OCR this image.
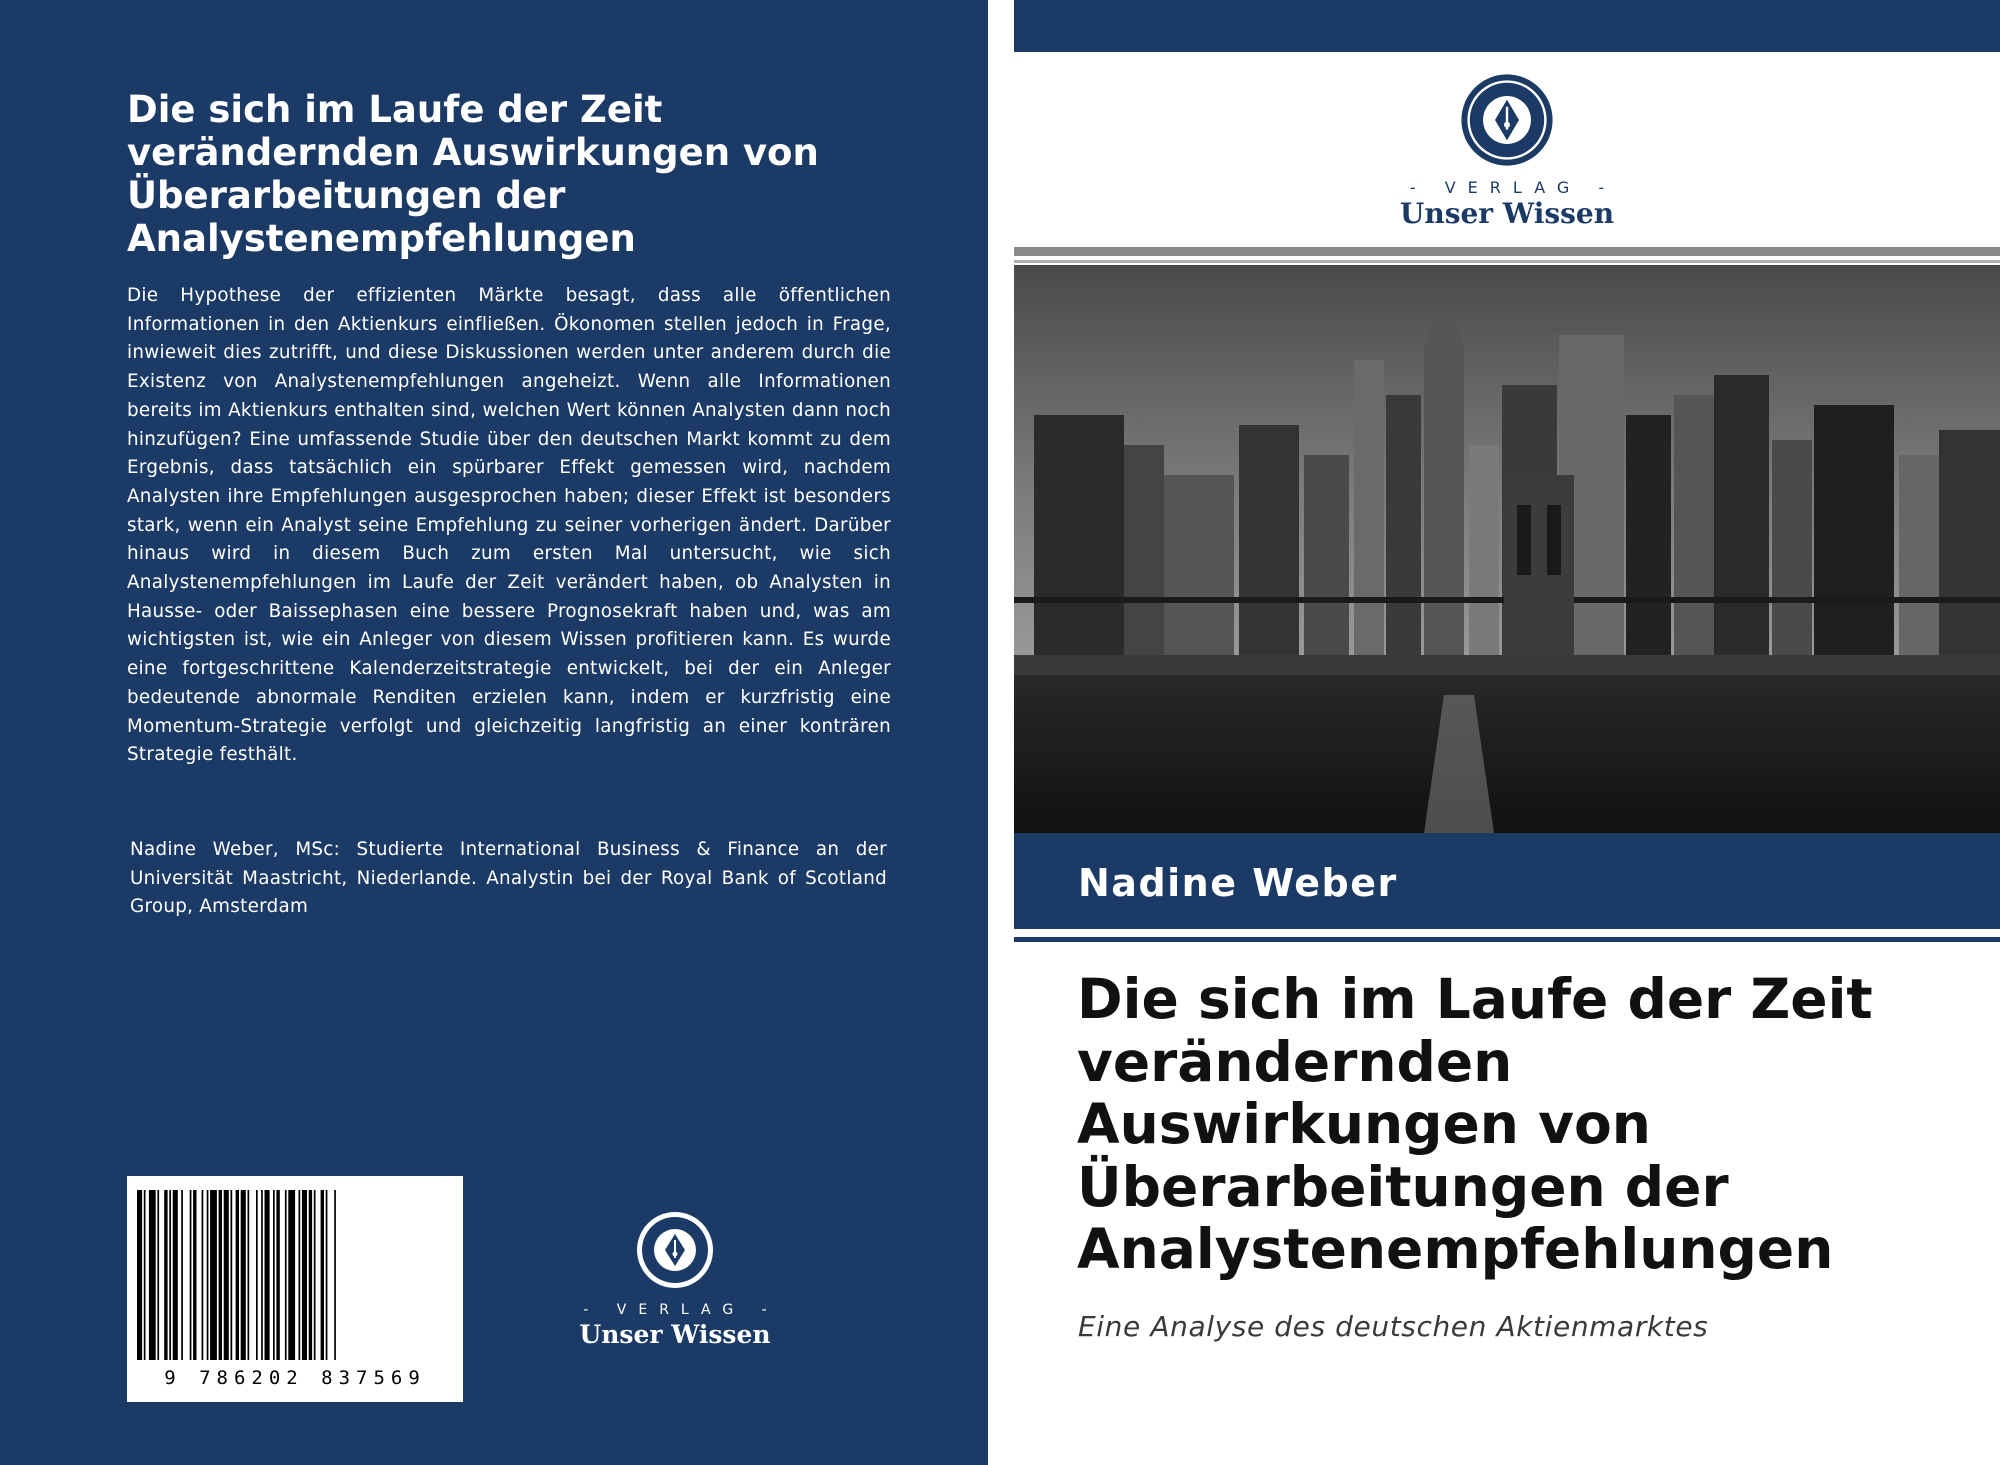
Die sich im Laufe der Zeit
verändernden Auswirkungen von
Überarbeitungen der
Analystenempfehlungen

Die Hypothese der effizienten Märkte besagt, dass alle öffentlichen Informationen in den Aktienkurs einfließen. Ökonomen stellen jedoch in Frage, inwieweit dies zutrifft, und diese Diskussionen werden unter anderem durch die Existenz von Analystenempfehlungen angeheizt. Wenn alle Informationen bereits im Aktienkurs enthalten sind, welchen Wert können Analysten dann noch hinzufügen? Eine umfassende Studie über den deutschen Markt kommt zu dem Ergebnis, dass tatsächlich ein spürbarer Effekt gemessen wird, nachdem Analysten ihre Empfehlungen ausgesprochen haben; dieser Effekt ist besonders stark, wenn ein Analyst seine Empfehlung zu seiner vorherigen ändert. Darüber hinaus wird in diesem Buch zum ersten Mal untersucht, wie sich Analystenempfehlungen im Laufe der Zeit verändert haben, ob Analysten in Hausse- oder Baissephasen eine bessere Prognosekraft haben und, was am wichtigsten ist, wie ein Anleger von diesem Wissen profitieren kann. Es wurde eine fortgeschrittene Kalenderzeitstrategie entwickelt, bei der ein Anleger bedeutende abnormale Renditen erzielen kann, indem er kurzfristig eine Momentum-Strategie verfolgt und gleichzeitig langfristig an einer konträren Strategie festhält.

Nadine Weber, MSc: Studierte International Business & Finance an der Universität Maastricht, Niederlande. Analystin bei der Royal Bank of Scotland Group, Amsterdam

9 786202 837569
- VERLAG -
Unser Wissen
- VERLAG -
Unser Wissen
Nadine Weber
Die sich im Laufe der Zeit
verändernden
Auswirkungen von
Überarbeitungen der
Analystenempfehlungen

Eine Analyse des deutschen Aktienmarktes
